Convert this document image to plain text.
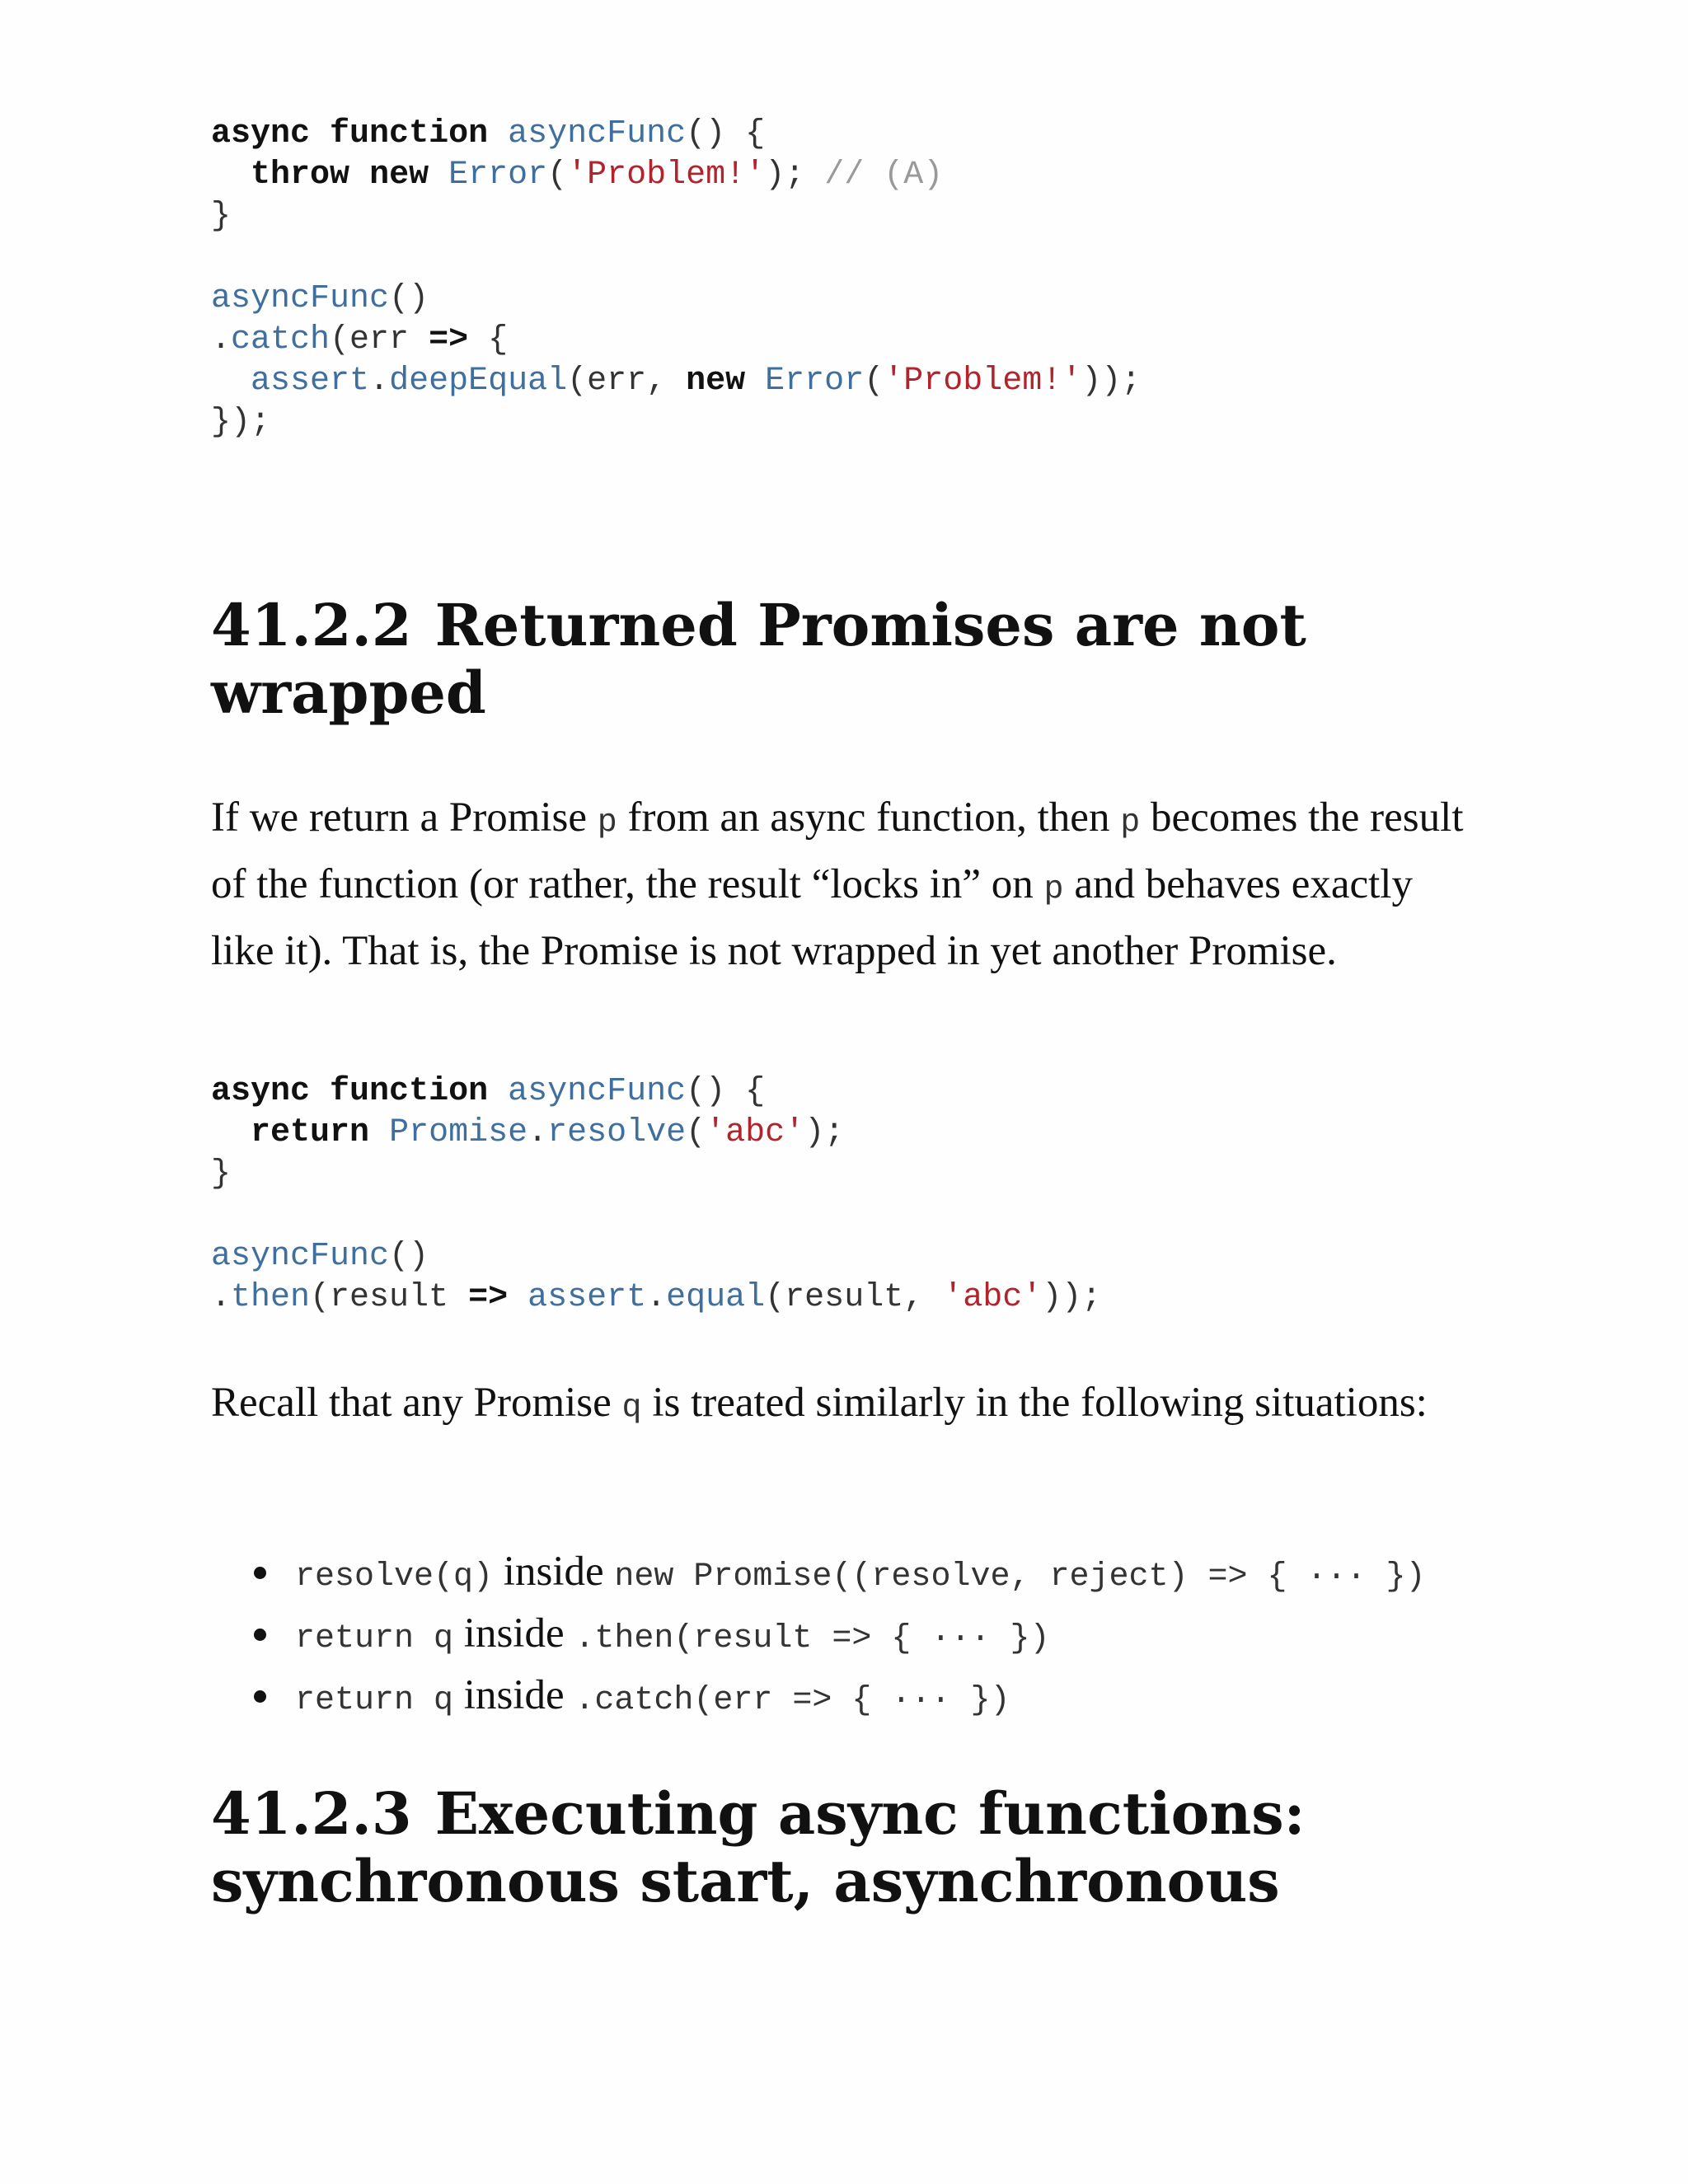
async function asyncFunc() {
throw new Error('Problem!'); // (A)
}

asyncFunc()
.catch(err => {
assert.deepEqual(err, new Error('Problem!'));
});

41.2.2 Returned Promises are not wrapped

If we return a Promise p from an async function, then p becomes the result of the function (or rather, the result “locks in” on p and behaves exactly like it). That is, the Promise is not wrapped in yet another Promise.

async function asyncFunc() {
return Promise.resolve('abc');
}

asyncFunc()
.then(result => assert.equal(result, 'abc'));

Recall that any Promise q is treated similarly in the following situations:

resolve(q) inside new Promise((resolve, reject) => { ··· })
return q inside .then(result => { ··· })
return q inside .catch(err => { ··· })
41.2.3 Executing async functions:
synchronous start, asynchronous
